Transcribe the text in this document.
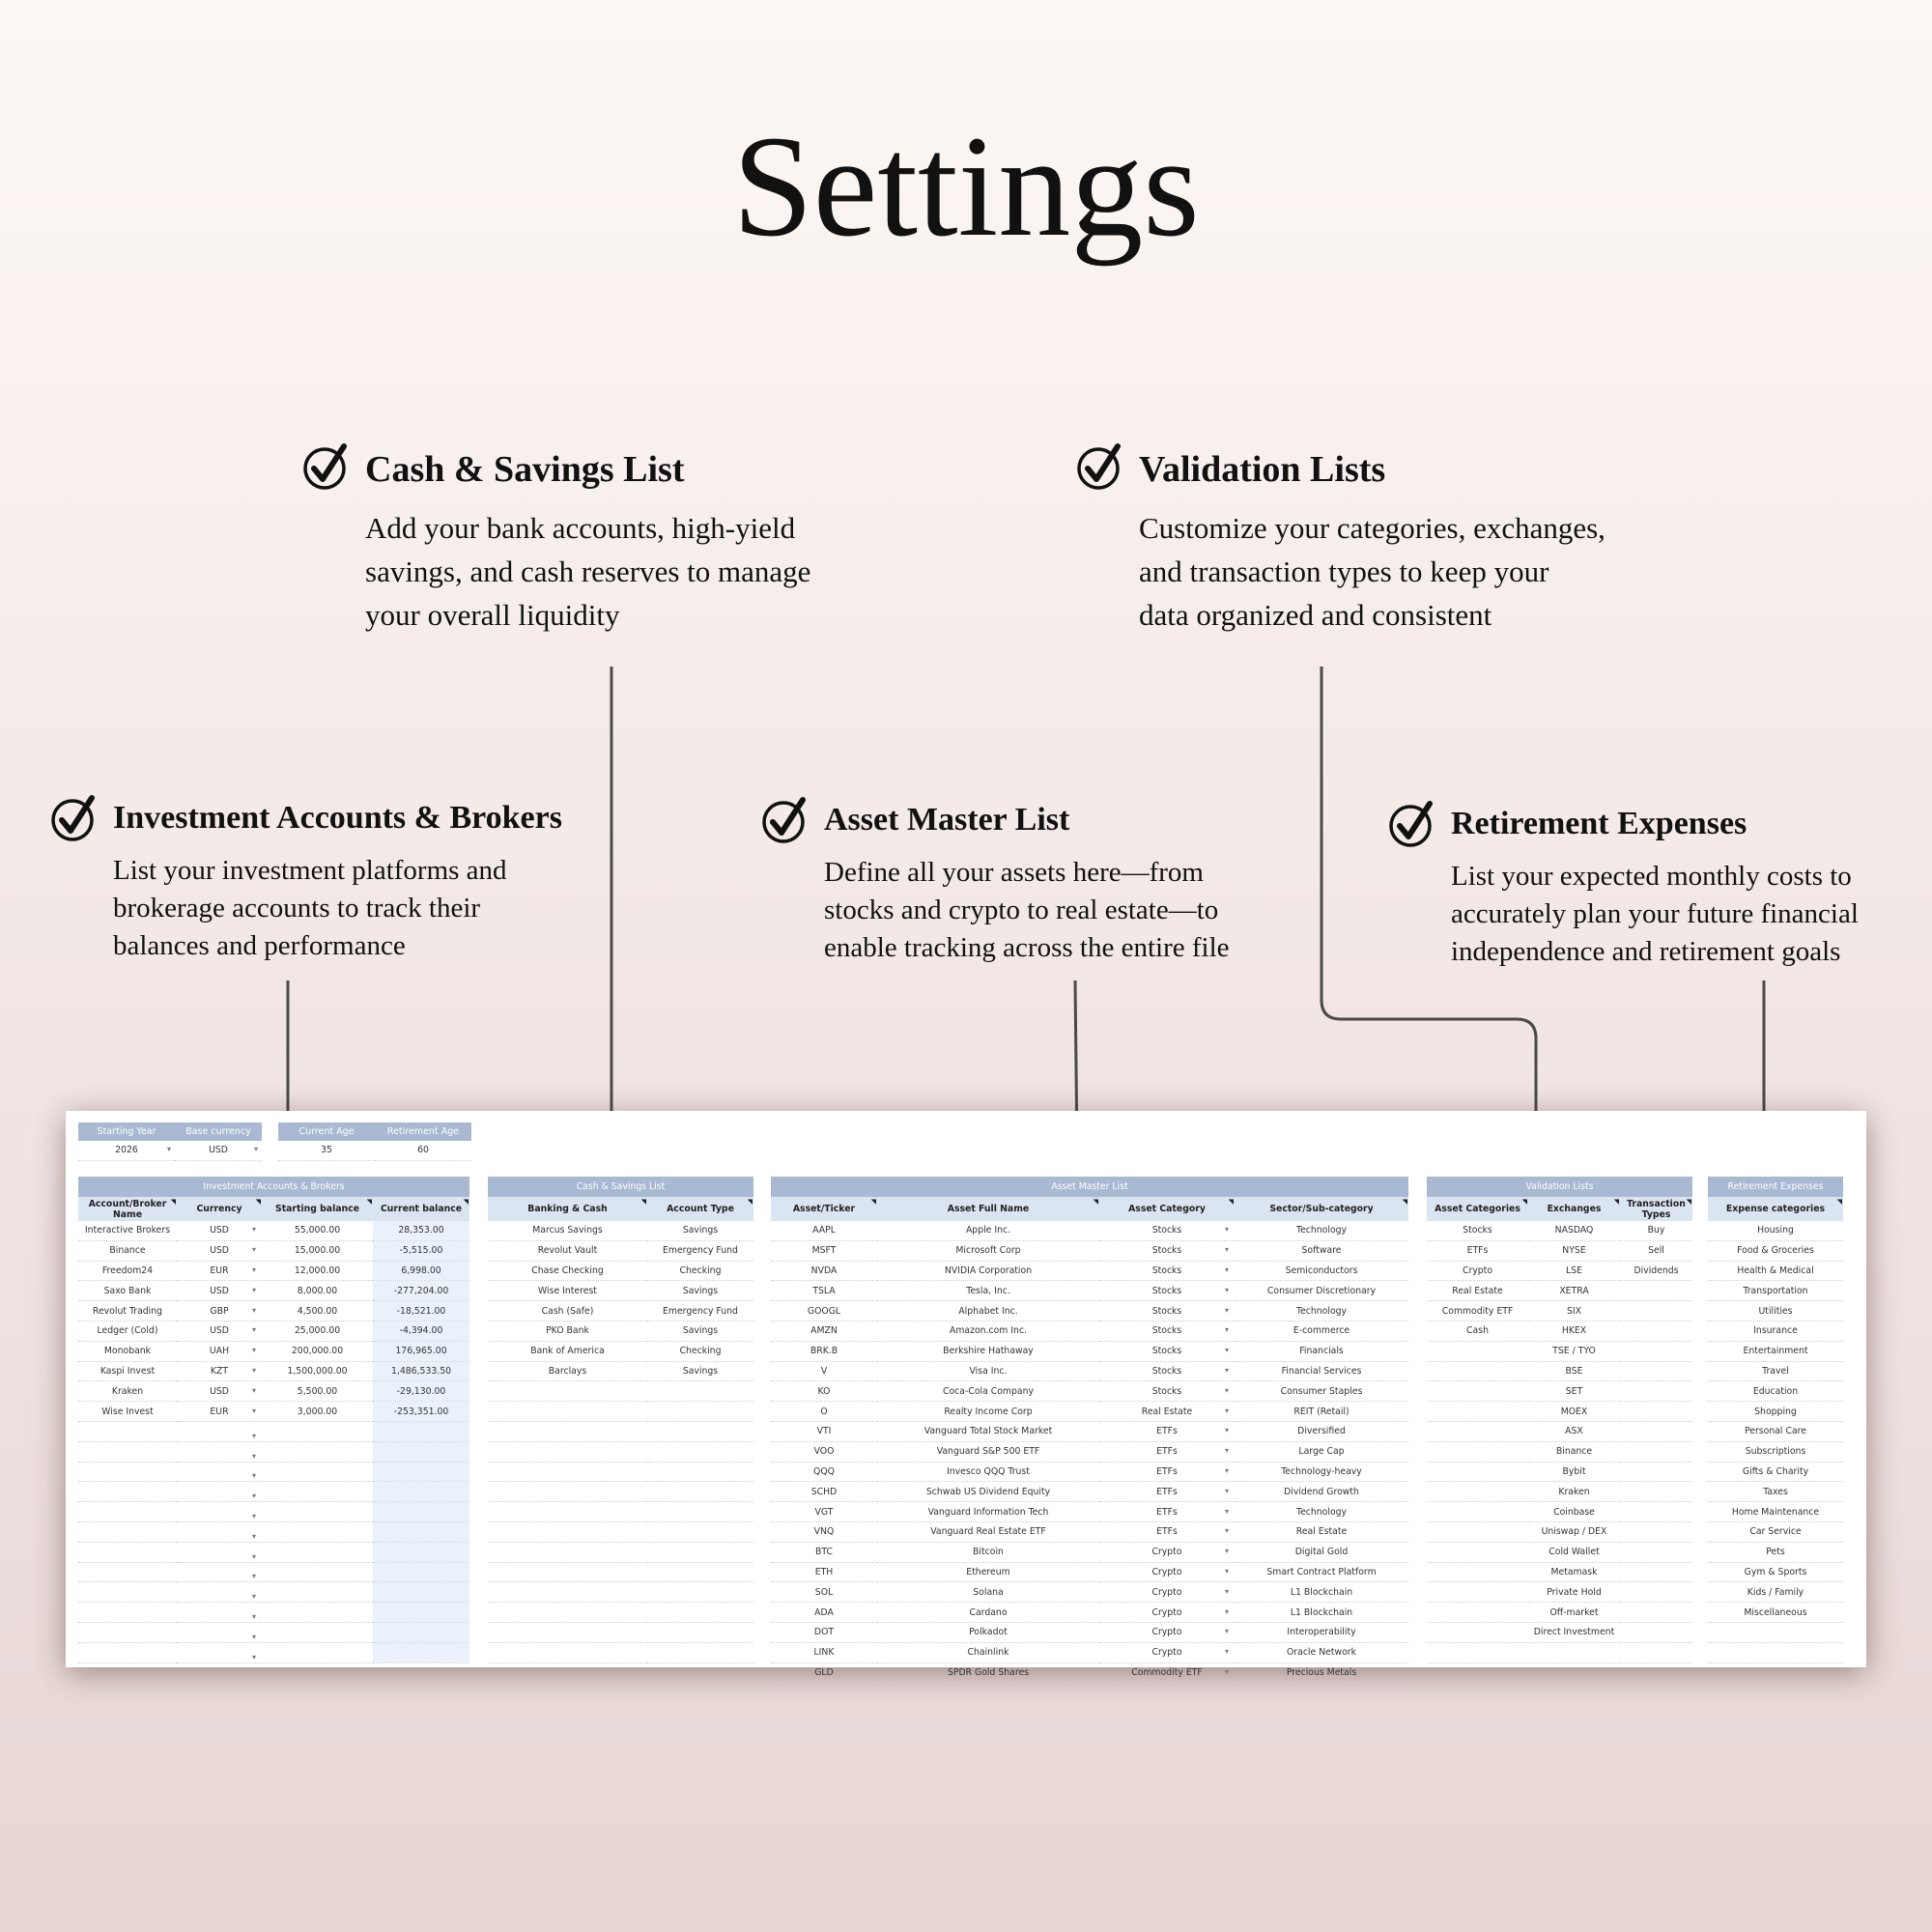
Settings
Cash & Savings List

Add your bank accounts, high-yield
savings, and cash reserves to manage
your overall liquidity

Validation Lists

Customize your categories, exchanges,
and transaction types to keep your
data organized and consistent

Investment Accounts & Brokers

List your investment platforms and
brokerage accounts to track their
balances and performance

Asset Master List

Define all your assets here—from
stocks and crypto to real estate—to
enable tracking across the entire file

Retirement Expenses

List your expected monthly costs to
accurately plan your future financial
independence and retirement goals

Starting Year	Base currency
2026 ▾	USD ▾
Current Age	Retirement Age
35	60
Investment Accounts & Brokers			
Account/Broker Name
◥	Currency
◥	Starting balance
◥	Current balance
◥

Interactive Brokers	USD ▾	55,000.00	28,353.00
Binance	USD ▾	15,000.00	-5,515.00
Freedom24	EUR ▾	12,000.00	6,998.00
Saxo Bank	USD ▾	8,000.00	-277,204.00
Revolut Trading	GBP ▾	4,500.00	-18,521.00
Ledger (Cold)	USD ▾	25,000.00	-4,394.00
Monobank	UAH ▾	200,000.00	176,965.00
Kaspi Invest	KZT ▾	1,500,000.00	1,486,533.50
Kraken	USD ▾	5,500.00	-29,130.00
Wise Invest	EUR ▾	3,000.00	-253,351.00

	▾		

	▾		

	▾		

	▾		

	▾		

	▾		

	▾		

	▾		

	▾		

	▾		

	▾		

	▾		

Cash & Savings List	
Banking & Cash
◥	Account Type
◥

Marcus Savings	Savings
Revolut Vault	Emergency Fund
Chase Checking	Checking
Wise Interest	Savings
Cash (Safe)	Emergency Fund
PKO Bank	Savings
Bank of America	Checking
Barclays	Savings

Asset Master List			
Asset/Ticker
◥	Asset Full Name
◥	Asset Category
◥	Sector/Sub-category
◥

AAPL	Apple Inc.	Stocks ▾	Technology
MSFT	Microsoft Corp	Stocks ▾	Software
NVDA	NVIDIA Corporation	Stocks ▾	Semiconductors
TSLA	Tesla, Inc.	Stocks ▾	Consumer Discretionary
GOOGL	Alphabet Inc.	Stocks ▾	Technology
AMZN	Amazon.com Inc.	Stocks ▾	E-commerce
BRK.B	Berkshire Hathaway	Stocks ▾	Financials
V	Visa Inc.	Stocks ▾	Financial Services
KO	Coca-Cola Company	Stocks ▾	Consumer Staples
O	Realty Income Corp	Real Estate ▾	REIT (Retail)
VTI	Vanguard Total Stock Market	ETFs ▾	Diversified
VOO	Vanguard S&P 500 ETF	ETFs ▾	Large Cap
QQQ	Invesco QQQ Trust	ETFs ▾	Technology-heavy
SCHD	Schwab US Dividend Equity	ETFs ▾	Dividend Growth
VGT	Vanguard Information Tech	ETFs ▾	Technology
VNQ	Vanguard Real Estate ETF	ETFs ▾	Real Estate
BTC	Bitcoin	Crypto ▾	Digital Gold
ETH	Ethereum	Crypto ▾	Smart Contract Platform
SOL	Solana	Crypto ▾	L1 Blockchain
ADA	Cardano	Crypto ▾	L1 Blockchain
DOT	Polkadot	Crypto ▾	Interoperability
LINK	Chainlink	Crypto ▾	Oracle Network
GLD	SPDR Gold Shares	Commodity ETF ▾	Precious Metals
Validation Lists		
Asset Categories
◥	Exchanges
◥	Transaction Types
◥

Stocks	NASDAQ	Buy
ETFs	NYSE	Sell
Crypto	LSE	Dividends
Real Estate	XETRA	
Commodity ETF	SIX	
Cash	HKEX	
	TSE / TYO	
	BSE	
	SET	
	MOEX	
	ASX	
	Binance	
	Bybit	
	Kraken	
	Coinbase	
	Uniswap / DEX	
	Cold Wallet	
	Metamask	
	Private Hold	
	Off-market	
	Direct Investment	

Retirement Expenses
Expense categories
◥

Housing
Food & Groceries
Health & Medical
Transportation
Utilities
Insurance
Entertainment
Travel
Education
Shopping
Personal Care
Subscriptions
Gifts & Charity
Taxes
Home Maintenance
Car Service
Pets
Gym & Sports
Kids / Family
Miscellaneous
